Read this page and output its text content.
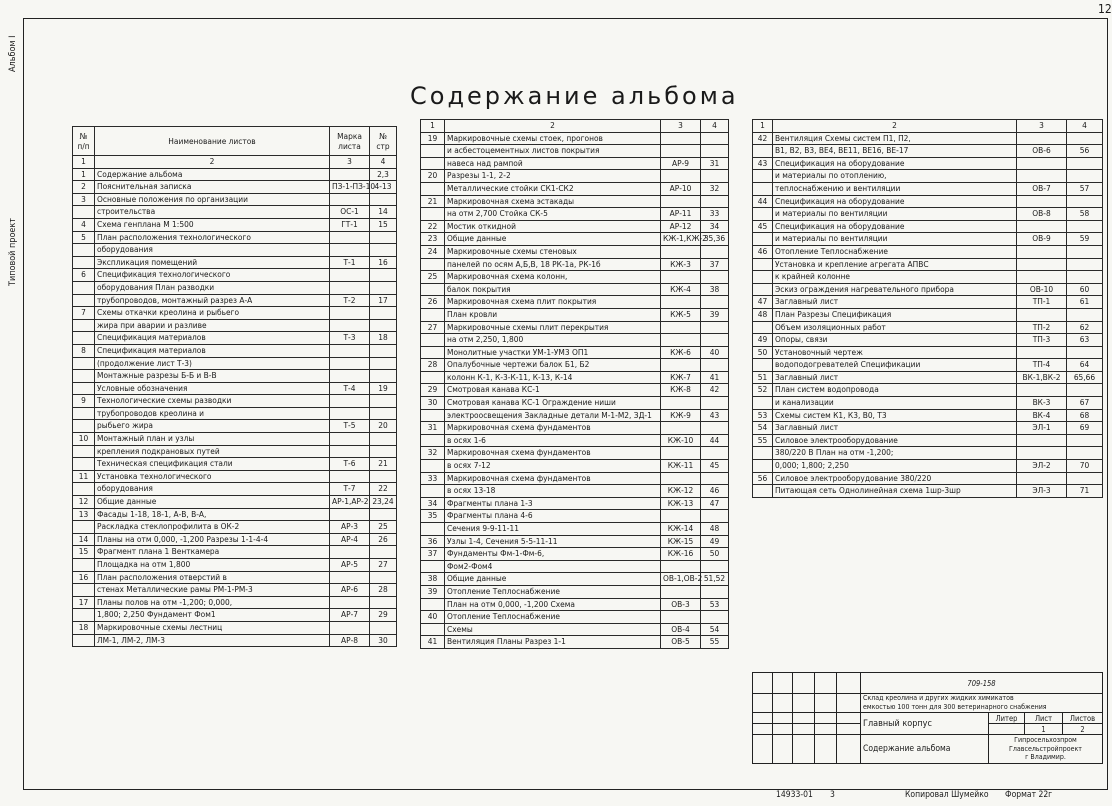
12
Альбом I
Типовой проект
Содержание альбома
№ п/п	Наименование листов	Марка листа	№ стр
1	2	3	4
1	Содержание альбома		2,3
2	Пояснительная записка	ПЗ-1-ПЗ-10	4-13
3	Основные положения по организации		
	строительства	ОС-1	14
4	Схема генплана М 1:500	ГТ-1	15
5	План расположения технологического		
	оборудования		
	Экспликация помещений	Т-1	16
6	Спецификация технологического		
	оборудования План разводки		
	трубопроводов, монтажный разрез А-А	Т-2	17
7	Схемы откачки креолина и рыбьего		
	жира при аварии и разливе		
	Спецификация материалов	Т-3	18
8	Спецификация материалов		
	(продолжение лист Т-3)		
	Монтажные разрезы Б-Б и В-В		
	Условные обозначения	Т-4	19
9	Технологические схемы разводки		
	трубопроводов креолина и		
	рыбьего жира	Т-5	20
10	Монтажный план и узлы		
	крепления подкрановых путей		
	Техническая спецификация стали	Т-6	21
11	Установка технологического		
	оборудования	Т-7	22
12	Общие данные	АР-1,АР-2	23,24
13	Фасады 1-18, 18-1, А-В, В-А,		
	Раскладка стеклопрофилита в ОК-2	АР-3	25
14	Планы на отм 0,000, -1,200 Разрезы 1-1-4-4	АР-4	26
15	Фрагмент плана 1 Венткамера		
	Площадка на отм 1,800	АР-5	27
16	План расположения отверстий в		
	стенах Металлические рамы РМ-1-РМ-3	АР-6	28
17	Планы полов на отм -1,200; 0,000,		
	1,800; 2,250 Фундамент Фом1	АР-7	29
18	Маркировочные схемы лестниц		
	ЛМ-1, ЛМ-2, ЛМ-3	АР-8	30
1	2	3	4
19	Маркировочные схемы стоек, прогонов		
	и асбестоцементных листов покрытия		
	навеса над рампой	АР-9	31
20	Разрезы 1-1, 2-2		
	Металлические стойки СК1-СК2	АР-10	32
21	Маркировочная схема эстакады		
	на отм 2,700 Стойка СК-5	АР-11	33
22	Мостик откидной	АР-12	34
23	Общие данные	КЖ-1,КЖ-2	35,36
24	Маркировочные схемы стеновых		
	панелей по осям А,Б,В, 18 РК-1а, РК-1б	КЖ-3	37
25	Маркировочная схема колонн,		
	балок покрытия	КЖ-4	38
26	Маркировочная схема плит покрытия		
	План кровли	КЖ-5	39
27	Маркировочные схемы плит перекрытия		
	на отм 2,250, 1,800		
	Монолитные участки УМ-1-УМ3 ОП1	КЖ-6	40
28	Опалубочные чертежи балок Б1, Б2		
	колонн К-1, К-3-К-11, К-13, К-14	КЖ-7	41
29	Смотровая канава КС-1	КЖ-8	42
30	Смотровая канава КС-1 Ограждение ниши		
	электроосвещения Закладные детали М-1-М2, ЗД-1	КЖ-9	43
31	Маркировочная схема фундаментов		
	в осях 1-6	КЖ-10	44
32	Маркировочная схема фундаментов		
	в осях 7-12	КЖ-11	45
33	Маркировочная схема фундаментов		
	в осях 13-18	КЖ-12	46
34	Фрагменты плана 1-3	КЖ-13	47
35	Фрагменты плана 4-6		
	Сечения 9-9-11-11	КЖ-14	48
36	Узлы 1-4, Сечения 5-5-11-11	КЖ-15	49
37	Фундаменты Фм-1-Фм-6,	КЖ-16	50
	Фом2-Фом4		
38	Общие данные	ОВ-1,ОВ-2	51,52
39	Отопление Теплоснабжение		
	План на отм 0,000, -1,200 Схема	ОВ-3	53
40	Отопление Теплоснабжение		
	Схемы	ОВ-4	54
41	Вентиляция Планы Разрез 1-1	ОВ-5	55
1	2	3	4
42	Вентиляция Схемы систем П1, П2,		
	В1, В2, В3, ВЕ4, ВЕ11, ВЕ16, ВЕ-17	ОВ-6	56
43	Спецификация на оборудование		
	и материалы по отоплению,		
	теплоснабжению и вентиляции	ОВ-7	57
44	Спецификация на оборудование		
	и материалы по вентиляции	ОВ-8	58
45	Спецификация на оборудование		
	и материалы по вентиляции	ОВ-9	59
46	Отопление Теплоснабжение		
	Установка и крепление агрегата АПВС		
	к крайней колонне		
	Эскиз ограждения нагревательного прибора	ОВ-10	60
47	Заглавный лист	ТП-1	61
48	План Разрезы Спецификация		
	Объем изоляционных работ	ТП-2	62
49	Опоры, связи	ТП-3	63
50	Установочный чертеж		
	водоподогревателей Спецификации	ТП-4	64
51	Заглавный лист	ВК-1,ВК-2	65,66
52	План систем водопровода		
	и канализации	ВК-3	67
53	Схемы систем К1, К3, В0, Т3	ВК-4	68
54	Заглавный лист	ЭЛ-1	69
55	Силовое электрооборудование		
	380/220 В План на отм -1,200;		
	0,000; 1,800; 2,250	ЭЛ-2	70
56	Силовое электрооборудование 380/220		
	Питающая сеть Однолинейная схема 1шр-3шр	ЭЛ-3	71
					709-158			

					Склад креолина и других жидких химикатов
емкостью 100 тонн для 300 ветеринарного снабжения			

					Главный корпус	Литер	Лист	Листов
							1	2
					Содержание альбома	Гипросельхозпром
Главсельстройпроект
г Владимир.		
14933-01 3	Копировал Шумейко Формат 22г
